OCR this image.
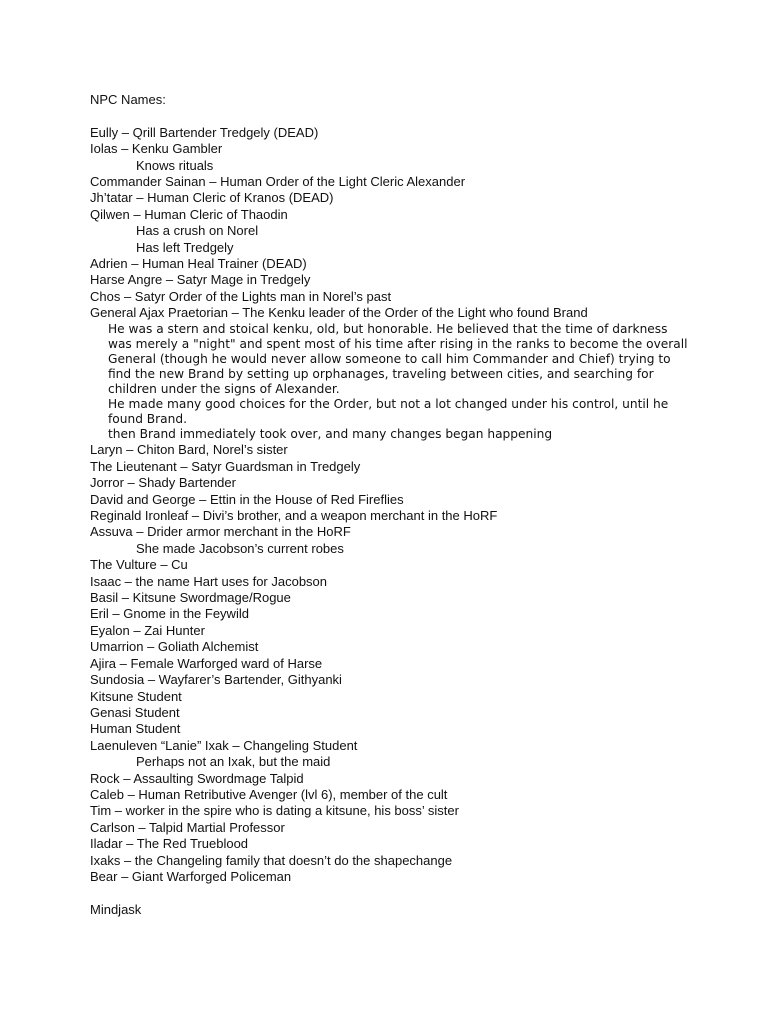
NPC Names:

Eully – Qrill Bartender Tredgely (DEAD)

Iolas – Kenku Gambler

Knows rituals

Commander Sainan – Human Order of the Light Cleric Alexander

Jh’tatar – Human Cleric of Kranos (DEAD)

Qilwen – Human Cleric of Thaodin

Has a crush on Norel

Has left Tredgely

Adrien – Human Heal Trainer (DEAD)

Harse Angre – Satyr Mage in Tredgely

Chos – Satyr Order of the Lights man in Norel’s past

General Ajax Praetorian – The Kenku leader of the Order of the Light who found Brand

He was a stern and stoical kenku, old, but honorable. He believed that the time of darkness was merely a "night" and spent most of his time after rising in the ranks to become the overall General (though he would never allow someone to call him Commander and Chief) trying to find the new Brand by setting up orphanages, traveling between cities, and searching for children under the signs of Alexander.

He made many good choices for the Order, but not a lot changed under his control, until he found Brand.

then Brand immediately took over, and many changes began happening

Laryn – Chiton Bard, Norel’s sister

The Lieutenant – Satyr Guardsman in Tredgely

Jorror – Shady Bartender

David and George – Ettin in the House of Red Fireflies

Reginald Ironleaf – Divi’s brother, and a weapon merchant in the HoRF

Assuva – Drider armor merchant in the HoRF

She made Jacobson’s current robes

The Vulture – Cu

Isaac – the name Hart uses for Jacobson

Basil – Kitsune Swordmage/Rogue

Eril – Gnome in the Feywild

Eyalon – Zai Hunter

Umarrion – Goliath Alchemist

Ajira – Female Warforged ward of Harse

Sundosia – Wayfarer’s Bartender, Githyanki

Kitsune Student

Genasi Student

Human Student

Laenuleven “Lanie” Ixak – Changeling Student

Perhaps not an Ixak, but the maid

Rock – Assaulting Swordmage Talpid

Caleb – Human Retributive Avenger (lvl 6), member of the cult

Tim – worker in the spire who is dating a kitsune, his boss’ sister

Carlson – Talpid Martial Professor

Iladar – The Red Trueblood

Ixaks – the Changeling family that doesn’t do the shapechange

Bear – Giant Warforged Policeman

Mindjask
